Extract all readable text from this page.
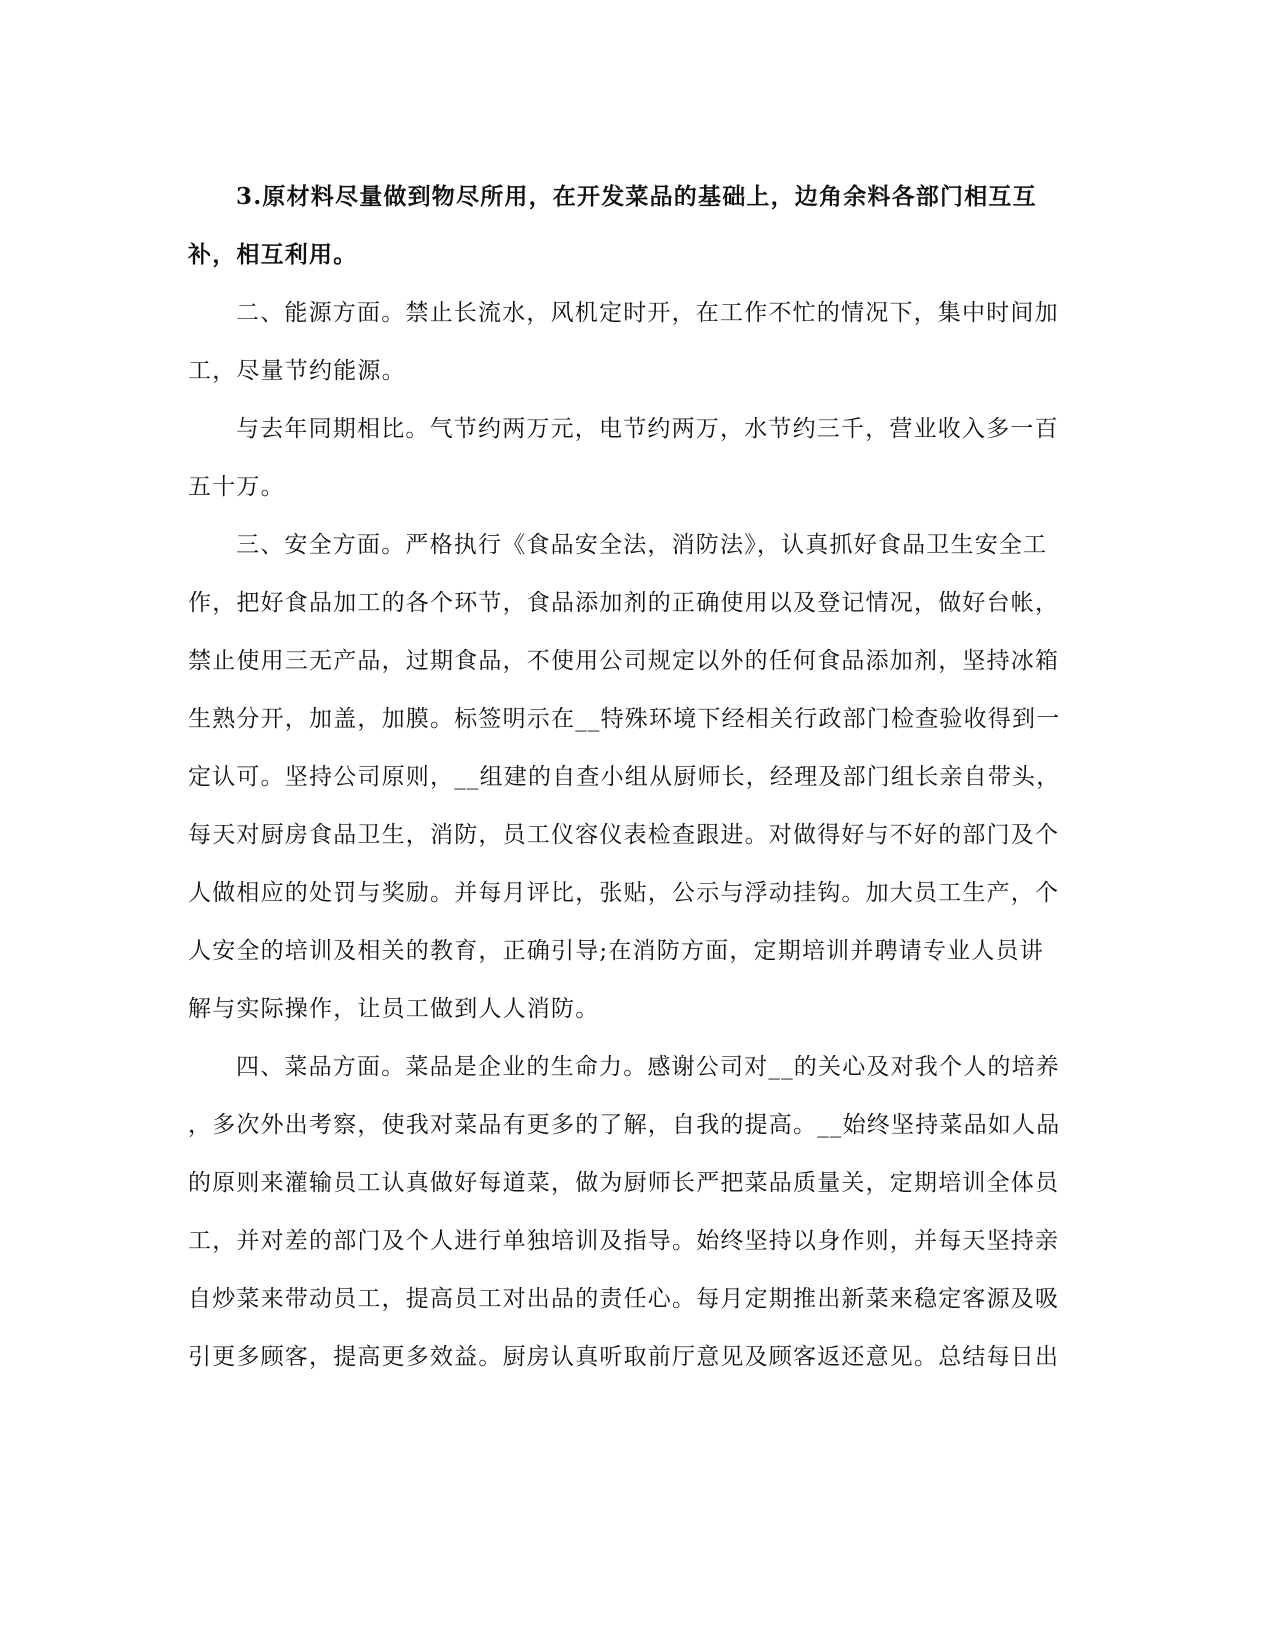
3.原材料尽量做到物尽所用，在开发菜品的基础上，边角余料各部门相互互
补，相互利用。
二、能源方面。禁止长流水，风机定时开，在工作不忙的情况下，集中时间加
工，尽量节约能源。
与去年同期相比。气节约两万元，电节约两万，水节约三千，营业收入多一百
五十万。
三、安全方面。严格执行《食品安全法，消防法》，认真抓好食品卫生安全工
作，把好食品加工的各个环节，食品添加剂的正确使用以及登记情况，做好台帐，
禁止使用三无产品，过期食品，不使用公司规定以外的任何食品添加剂，坚持冰箱
生熟分开，加盖，加膜。标签明示在__特殊环境下经相关行政部门检查验收得到一
定认可。坚持公司原则，__组建的自查小组从厨师长，经理及部门组长亲自带头，
每天对厨房食品卫生，消防，员工仪容仪表检查跟进。对做得好与不好的部门及个
人做相应的处罚与奖励。并每月评比，张贴，公示与浮动挂钩。加大员工生产，个
人安全的培训及相关的教育，正确引导;在消防方面，定期培训并聘请专业人员讲
解与实际操作，让员工做到人人消防。
四、菜品方面。菜品是企业的生命力。感谢公司对__的关心及对我个人的培养
，多次外出考察，使我对菜品有更多的了解，自我的提高。__始终坚持菜品如人品
的原则来灌输员工认真做好每道菜，做为厨师长严把菜品质量关，定期培训全体员
工，并对差的部门及个人进行单独培训及指导。始终坚持以身作则，并每天坚持亲
自炒菜来带动员工，提高员工对出品的责任心。每月定期推出新菜来稳定客源及吸
引更多顾客，提高更多效益。厨房认真听取前厅意见及顾客返还意见。总结每日出
